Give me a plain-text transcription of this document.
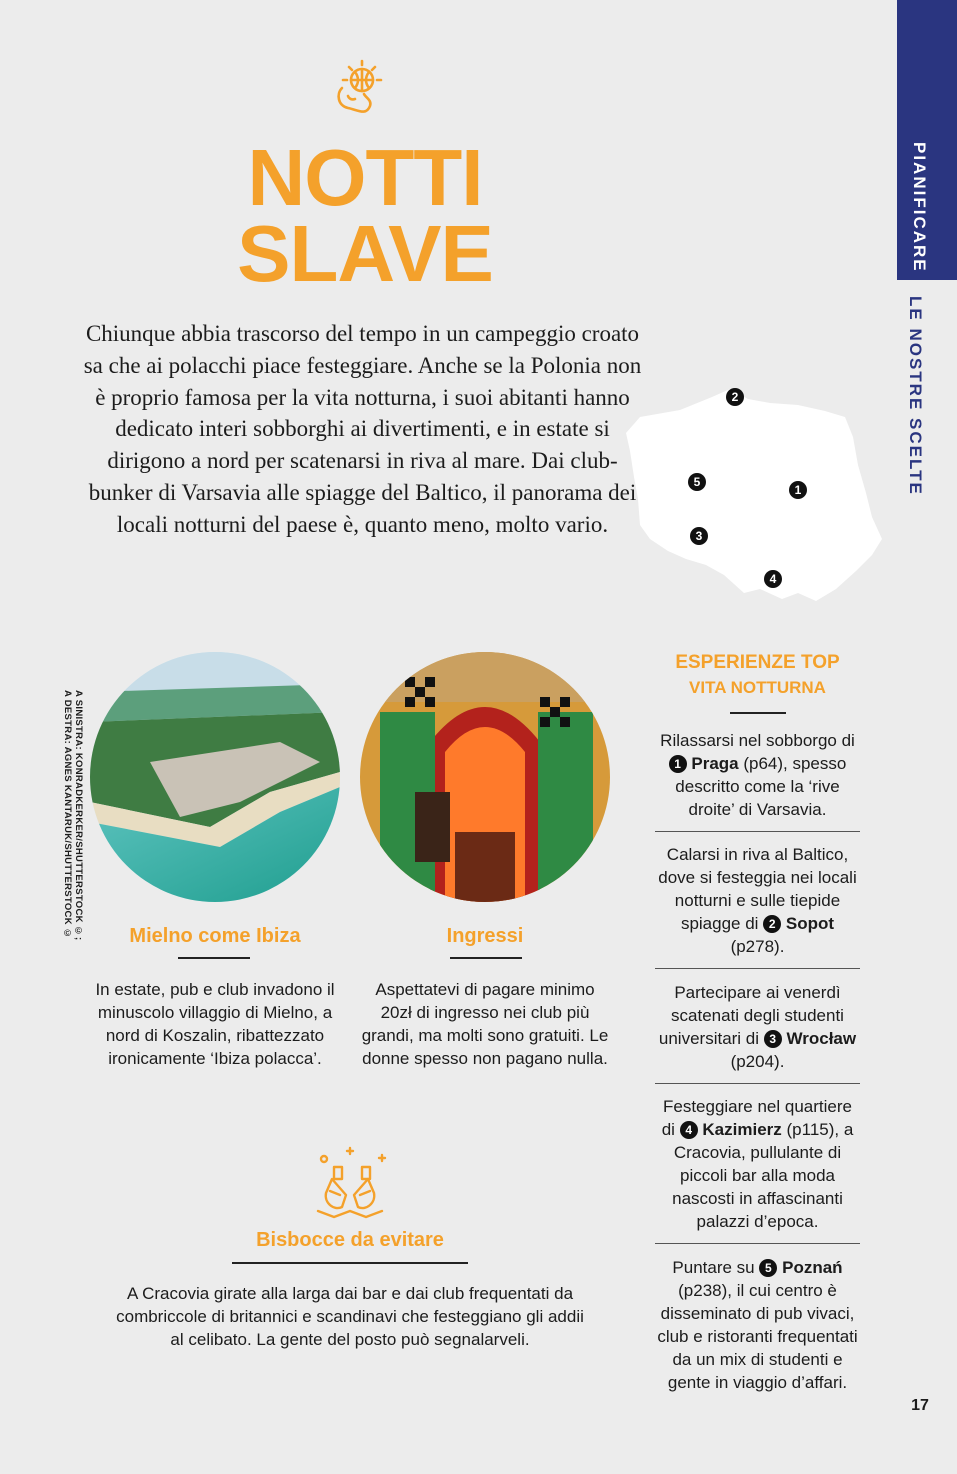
PIANIFICARE
LE NOSTRE SCELTE
NOTTI
SLAVE
Chiunque abbia trascorso del tempo in un campeggio croato sa che ai polacchi piace festeggiare. Anche se la Polonia non è proprio famosa per la vita notturna, i suoi abitanti hanno dedicato interi sobborghi ai divertimenti, e in estate si dirigono a nord per scatenarsi in riva al mare. Dai club-bunker di Varsavia alle spiagge del Baltico, il panorama dei locali notturni del paese è, quanto meno, molto vario.
2
1
5
3
4
A SINISTRA: KONRADKERKER/SHUTTERSTOCK ©;
A DESTRA: AGNES KANTARUK/SHUTTERSTOCK ©	Mielno come Ibiza
In estate, pub e club invadono il minuscolo villaggio di Mielno, a nord di Koszalin, ribattezzato ironicamente ‘Ibiza polacca’.
Ingressi
Aspettatevi di pagare minimo 20zł di ingresso nei club più grandi, ma molti sono gratuiti. Le donne spesso non pagano nulla.
Bisbocce da evitare
A Cracovia girate alla larga dai bar e dai club frequentati da combriccole di britannici e scandinavi che festeggiano gli addii al celibato. La gente del posto può segnalarveli.
ESPERIENZE TOP
VITA NOTTURNA
Rilassarsi nel sobborgo di 1 Praga (p64), spesso descritto come la ‘rive droite’ di Varsavia.
Calarsi in riva al Baltico, dove si festeggia nei locali notturni e sulle tiepide spiagge di 2 Sopot (p278).
Partecipare ai venerdì scatenati degli studenti universitari di 3 Wrocław (p204).
Festeggiare nel quartiere di 4 Kazimierz (p115), a Cracovia, pullulante di piccoli bar alla moda nascosti in affascinanti palazzi d’epoca.
Puntare su 5 Poznań (p238), il cui centro è disseminato di pub vivaci, club e ristoranti frequentati da un mix di studenti e gente in viaggio d’affari.
17
